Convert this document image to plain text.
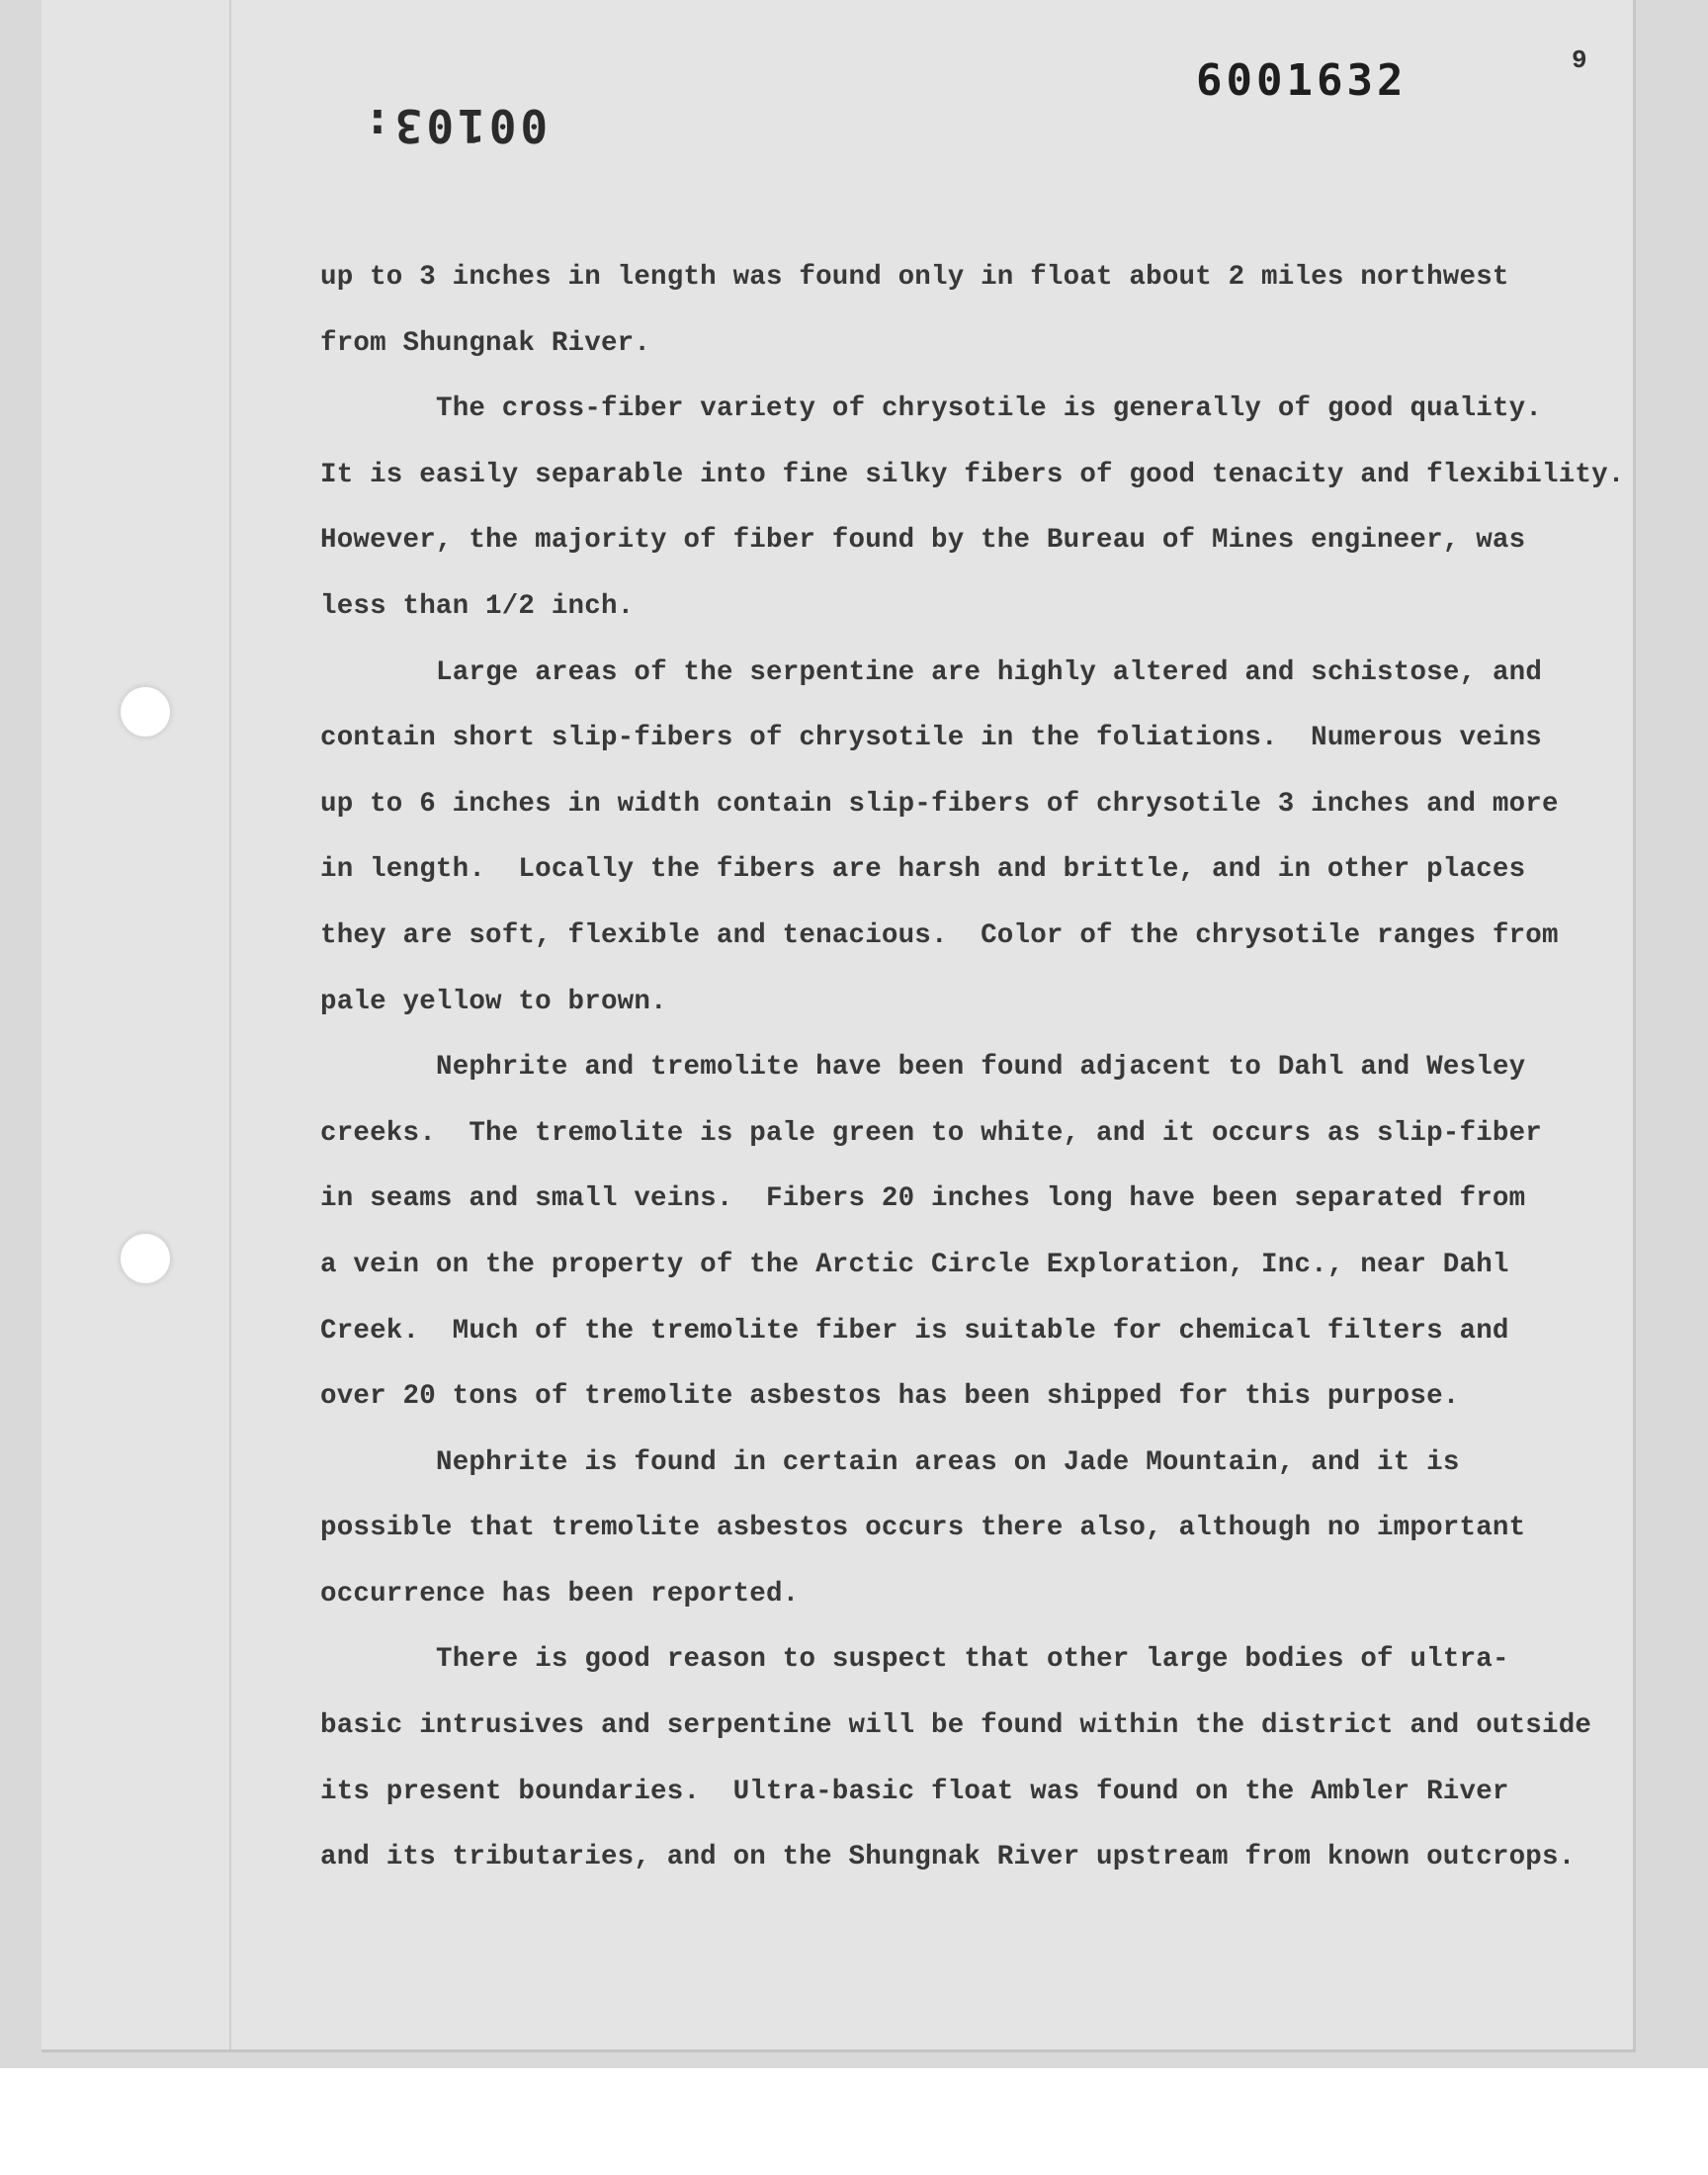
00103:
6001632	9
up to 3 inches in length was found only in float about 2 miles northwest
from Shungnak River.
The cross-fiber variety of chrysotile is generally of good quality.
It is easily separable into fine silky fibers of good tenacity and flexibility.
However, the majority of fiber found by the Bureau of Mines engineer, was
less than 1/2 inch.
Large areas of the serpentine are highly altered and schistose, and
contain short slip-fibers of chrysotile in the foliations.  Numerous veins
up to 6 inches in width contain slip-fibers of chrysotile 3 inches and more
in length.  Locally the fibers are harsh and brittle, and in other places
they are soft, flexible and tenacious.  Color of the chrysotile ranges from
pale yellow to brown.
Nephrite and tremolite have been found adjacent to Dahl and Wesley
creeks.  The tremolite is pale green to white, and it occurs as slip-fiber
in seams and small veins.  Fibers 20 inches long have been separated from
a vein on the property of the Arctic Circle Exploration, Inc., near Dahl
Creek.  Much of the tremolite fiber is suitable for chemical filters and
over 20 tons of tremolite asbestos has been shipped for this purpose.
Nephrite is found in certain areas on Jade Mountain, and it is
possible that tremolite asbestos occurs there also, although no important
occurrence has been reported.
There is good reason to suspect that other large bodies of ultra-
basic intrusives and serpentine will be found within the district and outside
its present boundaries.  Ultra-basic float was found on the Ambler River
and its tributaries, and on the Shungnak River upstream from known outcrops.
